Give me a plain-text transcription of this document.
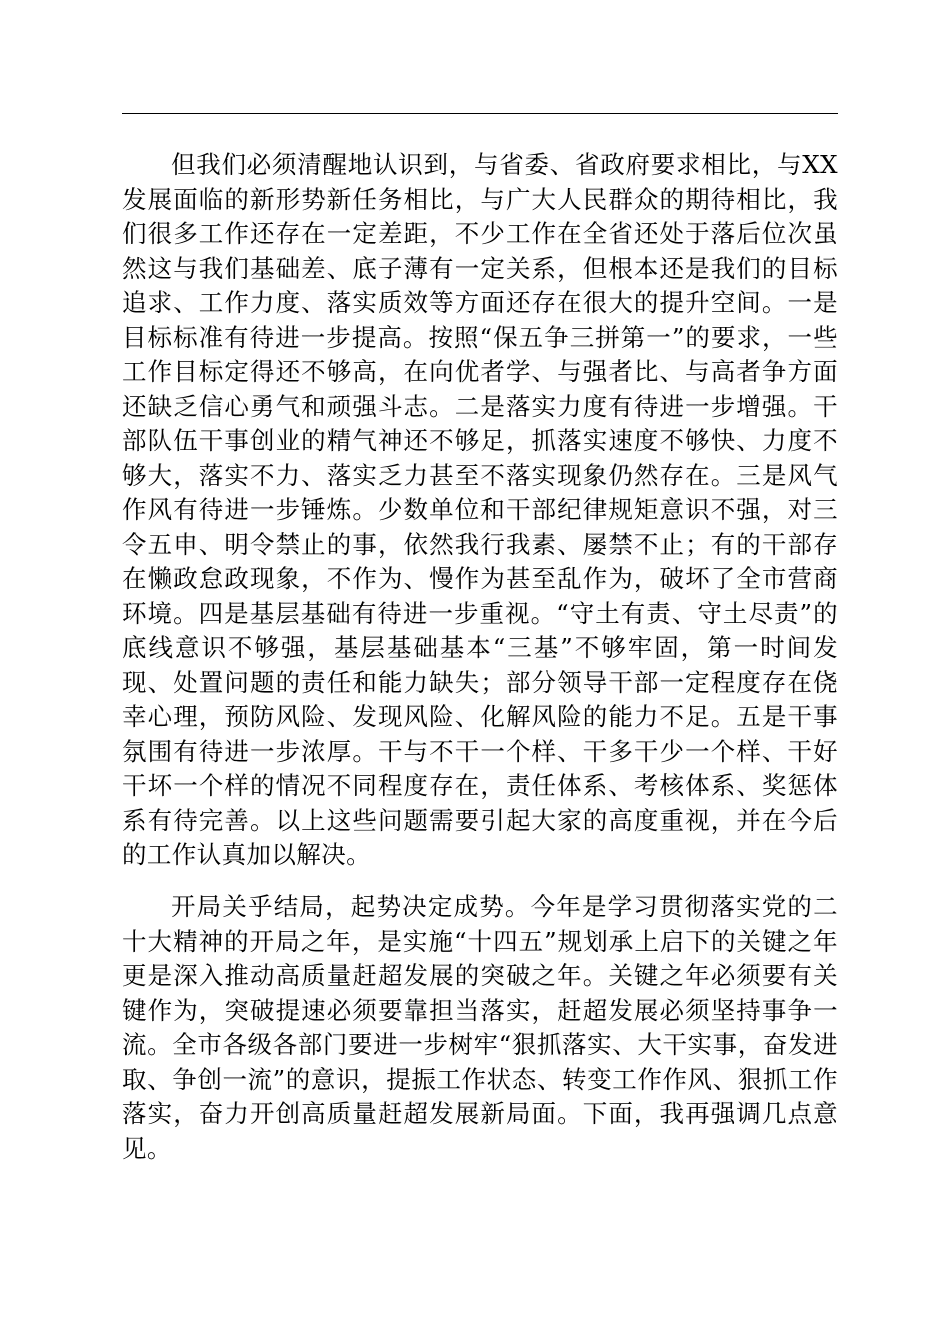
但我们必须清醒地认识到，与省委、省政府要求相比，与XX发展面临的新形势新任务相比，与广大人民群众的期待相比，我们很多工作还存在一定差距，不少工作在全省还处于落后位次虽然这与我们基础差、底子薄有一定关系，但根本还是我们的目标追求、工作力度、落实质效等方面还存在很大的提升空间。一是目标标准有待进一步提高。按照“保五争三拼第一”的要求，一些工作目标定得还不够高，在向优者学、与强者比、与高者争方面还缺乏信心勇气和顽强斗志。二是落实力度有待进一步增强。干部队伍干事创业的精气神还不够足，抓落实速度不够快、力度不够大，落实不力、落实乏力甚至不落实现象仍然存在。三是风气作风有待进一步锤炼。少数单位和干部纪律规矩意识不强，对三令五申、明令禁止的事，依然我行我素、屡禁不止；有的干部存在懒政怠政现象，不作为、慢作为甚至乱作为，破坏了全市营商环境。四是基层基础有待进一步重视。“守土有责、守土尽责”的底线意识不够强，基层基础基本“三基”不够牢固，第一时间发现、处置问题的责任和能力缺失；部分领导干部一定程度存在侥幸心理，预防风险、发现风险、化解风险的能力不足。五是干事氛围有待进一步浓厚。干与不干一个样、干多干少一个样、干好干坏一个样的情况不同程度存在，责任体系、考核体系、奖惩体系有待完善。以上这些问题需要引起大家的高度重视，并在今后的工作认真加以解决。

开局关乎结局，起势决定成势。今年是学习贯彻落实党的二十大精神的开局之年，是实施“十四五”规划承上启下的关键之年更是深入推动高质量赶超发展的突破之年。关键之年必须要有关键作为，突破提速必须要靠担当落实，赶超发展必须坚持事争一流。全市各级各部门要进一步树牢“狠抓落实、大干实事，奋发进取、争创一流”的意识，提振工作状态、转变工作作风、狠抓工作落实，奋力开创高质量赶超发展新局面。下面，我再强调几点意见。
